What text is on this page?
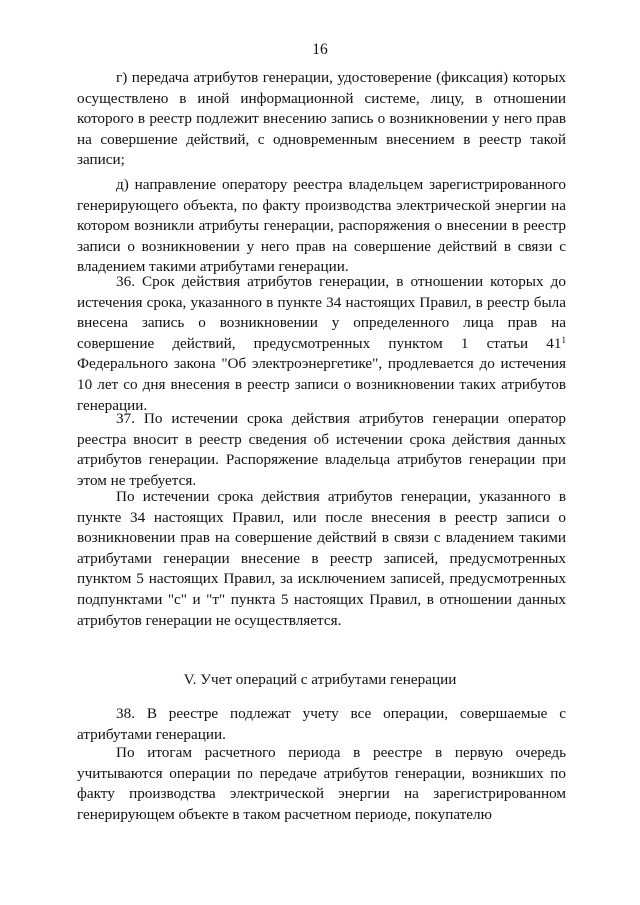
16

г) передача атрибутов генерации, удостоверение (фиксация) которых осуществлено в иной информационной системе, лицу, в отношении которого в реестр подлежит внесению запись о возникновении у него прав на совершение действий, с одновременным внесением в реестр такой записи;

д) направление оператору реестра владельцем зарегистрированного генерирующего объекта, по факту производства электрической энергии на котором возникли атрибуты генерации, распоряжения о внесении в реестр записи о возникновении у него прав на совершение действий в связи с владением такими атрибутами генерации.

36. Срок действия атрибутов генерации, в отношении которых до истечения срока, указанного в пункте 34 настоящих Правил, в реестр была внесена запись о возникновении у определенного лица прав на совершение действий, предусмотренных пунктом 1 статьи $41^1$ Федерального закона "Об электроэнергетике", продлевается до истечения 10 лет со дня внесения в реестр записи о возникновении таких атрибутов генерации.

37. По истечении срока действия атрибутов генерации оператор реестра вносит в реестр сведения об истечении срока действия данных атрибутов генерации. Распоряжение владельца атрибутов генерации при этом не требуется.

По истечении срока действия атрибутов генерации, указанного в пункте 34 настоящих Правил, или после внесения в реестр записи о возникновении прав на совершение действий в связи с владением такими атрибутами генерации внесение в реестр записей, предусмотренных пунктом 5 настоящих Правил, за исключением записей, предусмотренных подпунктами "с" и "т" пункта 5 настоящих Правил, в отношении данных атрибутов генерации не осуществляется.

V. Учет операций с атрибутами генерации

38. В реестре подлежат учету все операции, совершаемые с атрибутами генерации.

По итогам расчетного периода в реестре в первую очередь учитываются операции по передаче атрибутов генерации, возникших по факту производства электрической энергии на зарегистрированном генерирующем объекте в таком расчетном периоде, покупателю
